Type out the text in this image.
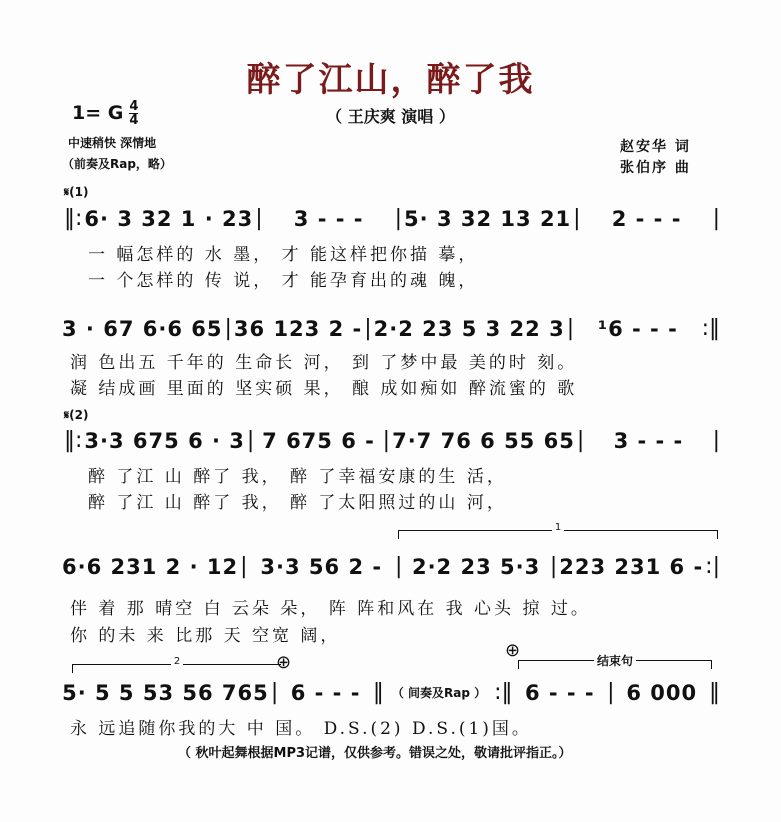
醉了江山，醉了我
（ 王庆爽 演唱 ）
1= G $\frac{4}{4}$
中速稍快 深情地
（前奏及Rap，略）
赵安华 词
张伯序 曲
𝄋(1)
‖: 6· 3 32 1 · 23 |	3 - - -	| 5· 3 32 13 21 |	2 - - -	|
一 幅怎样的 水 墨， 才 能这样把你描 摹，
一 个怎样的 传 说， 才 能孕育出的魂 魄，
3 · 67 6·6 65 | 36 123 2 - | 2·2 23 5 3 22 3 |	¹6 - - -	:‖
润 色出五 千年的 生命长 河， 到 了梦中最 美的时 刻。
凝 结成画 里面的 坚实硕 果， 酿 成如痴如 醉流蜜的 歌
𝄋(2)
‖: 3·3 675 6 · 3 | 7 675 6 - | 7·7 76 6 55 65 |	3 - - -	|
醉 了江 山 醉了 我， 醉 了幸福安康的生 活，
醉 了江 山 醉了 我， 醉 了太阳照过的山 河，
1
6·6 231 2 · 12 | 3·3 56 2 - | 2·2 23 5·3 | 223 231 6 - :|
伴 着 那 晴空 白 云朵 朵， 阵 阵和风在 我 心头 掠 过。
你 的未 来 比那 天 空宽 阔，
2	⊕
⊕	结束句
5· 5 5 53 56 765 | 6 - - - ‖ （ 间奏及Rap ） :‖ 6 - - - | 6 000 ‖
永 远追随你我的大 中 国。 D.S.(2) D.S.(1)国。
（ 秋叶起舞根据MP3记谱，仅供参考。错误之处，敬请批评指正。）
